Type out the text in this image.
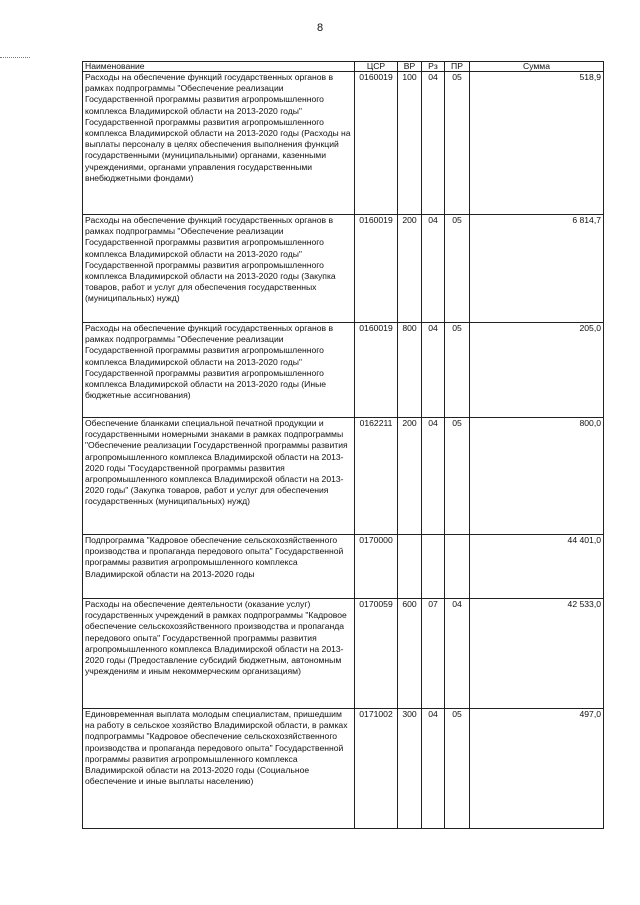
8
Наименование	ЦСР	ВР	Рз	ПР	Сумма
Расходы на обеспечение функций государственных органов в рамках подпрограммы "Обеспечение реализации Государственной программы развития агропромышленного комплекса Владимирской области на 2013-2020 годы" Государственной программы развития агропромышленного комплекса Владимирской области на 2013-2020 годы (Расходы на выплаты персоналу в целях обеспечения выполнения функций государственными (муниципальными) органами, казенными учреждениями, органами управления государственными внебюджетными фондами)	0160019	100	04	05	518,9
Расходы на обеспечение функций государственных органов в рамках подпрограммы "Обеспечение реализации Государственной программы развития агропромышленного комплекса Владимирской области на 2013-2020 годы" Государственной программы развития агропромышленного комплекса Владимирской области на 2013-2020 годы (Закупка товаров, работ и услуг для обеспечения государственных (муниципальных) нужд)	0160019	200	04	05	6 814,7
Расходы на обеспечение функций государственных органов в рамках подпрограммы "Обеспечение реализации Государственной программы развития агропромышленного комплекса Владимирской области на 2013-2020 годы" Государственной программы развития агропромышленного комплекса Владимирской области на 2013-2020 годы (Иные бюджетные ассигнования)	0160019	800	04	05	205,0
Обеспечение бланками специальной печатной продукции и государственными номерными знаками в рамках подпрограммы "Обеспечение реализации Государственной программы развития агропромышленного комплекса Владимирской области на 2013-2020 годы "Государственной программы развития агропромышленного комплекса Владимирской области на 2013-2020 годы" (Закупка товаров, работ и услуг для обеспечения государственных (муниципальных) нужд)	0162211	200	04	05	800,0
Подпрограмма "Кадровое обеспечение сельскохозяйственного производства и пропаганда передового опыта" Государственной программы развития агропромышленного комплекса Владимирской области на 2013-2020 годы	0170000				44 401,0
Расходы на обеспечение деятельности (оказание услуг) государственных учреждений в рамках подпрограммы "Кадровое обеспечение сельскохозяйственного производства и пропаганда передового опыта" Государственной программы развития агропромышленного комплекса Владимирской области на 2013-2020 годы (Предоставление субсидий бюджетным, автономным учреждениям и иным некоммерческим организациям)	0170059	600	07	04	42 533,0
Единовременная выплата молодым специалистам, пришедшим на работу в сельское хозяйство Владимирской области, в рамках подпрограммы "Кадровое обеспечение сельскохозяйственного производства и пропаганда передового опыта" Государственной программы развития агропромышленного комплекса Владимирской области на 2013-2020 годы (Социальное обеспечение и иные выплаты населению)	0171002	300	04	05	497,0
